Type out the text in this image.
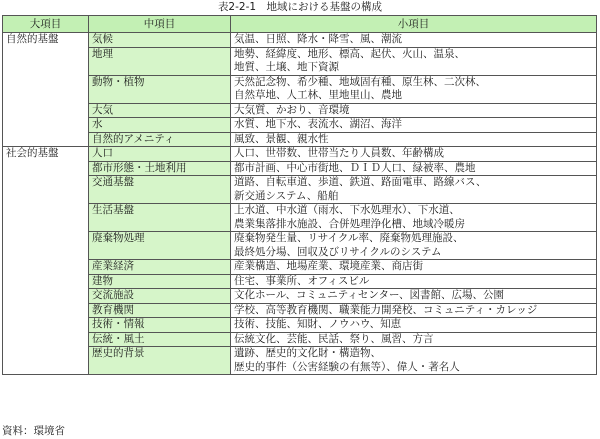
表2-2-1　地域における基盤の構成
大項目	中項目	小項目
自然的基盤	気候	気温、日照、降水・降雪、風、潮流

	地理	地勢、経緯度、地形、標高、起伏、火山、温泉、
地質、土壌、地下資源

	動物・植物	天然記念物、希少種、地域固有種、原生林、二次林、
自然草地、人工林、里地里山、農地

	大気	大気質、かおり、音環境

	水	水質、地下水、表流水、湖沼、海洋

	自然的アメニティ	風致、景観、親水性

社会的基盤	人口	人口、世帯数、世帯当たり人員数、年齢構成

	都市形態・土地利用	都市計画、中心市街地、ＤＩＤ人口、緑被率、農地

	交通基盤	道路、自転車道、歩道、鉄道、路面電車、路線バス、
新交通システム、船舶

	生活基盤	上水道、中水道（雨水、下水処理水）、下水道、
農業集落排水施設、合併処理浄化槽、地域冷暖房

	廃棄物処理	廃棄物発生量、リサイクル率、廃棄物処理施設、
最終処分場、回収及びリサイクルのシステム

	産業経済	産業構造、地場産業、環境産業、商店街

	建物	住宅、事業所、オフィスビル

	交流施設	文化ホール、コミュニティセンター、図書館、広場、公園

	教育機関	学校、高等教育機関、職業能力開発校、コミュニティ・カレッジ

	技術・情報	技術、技能、知財、ノウハウ、知恵

	伝統・風土	伝統文化、芸能、民話、祭り、風習、方言

	歴史的背景	遺跡、歴史的文化財・構造物、
歴史的事件（公害経験の有無等）、偉人・著名人
資料：環境省
